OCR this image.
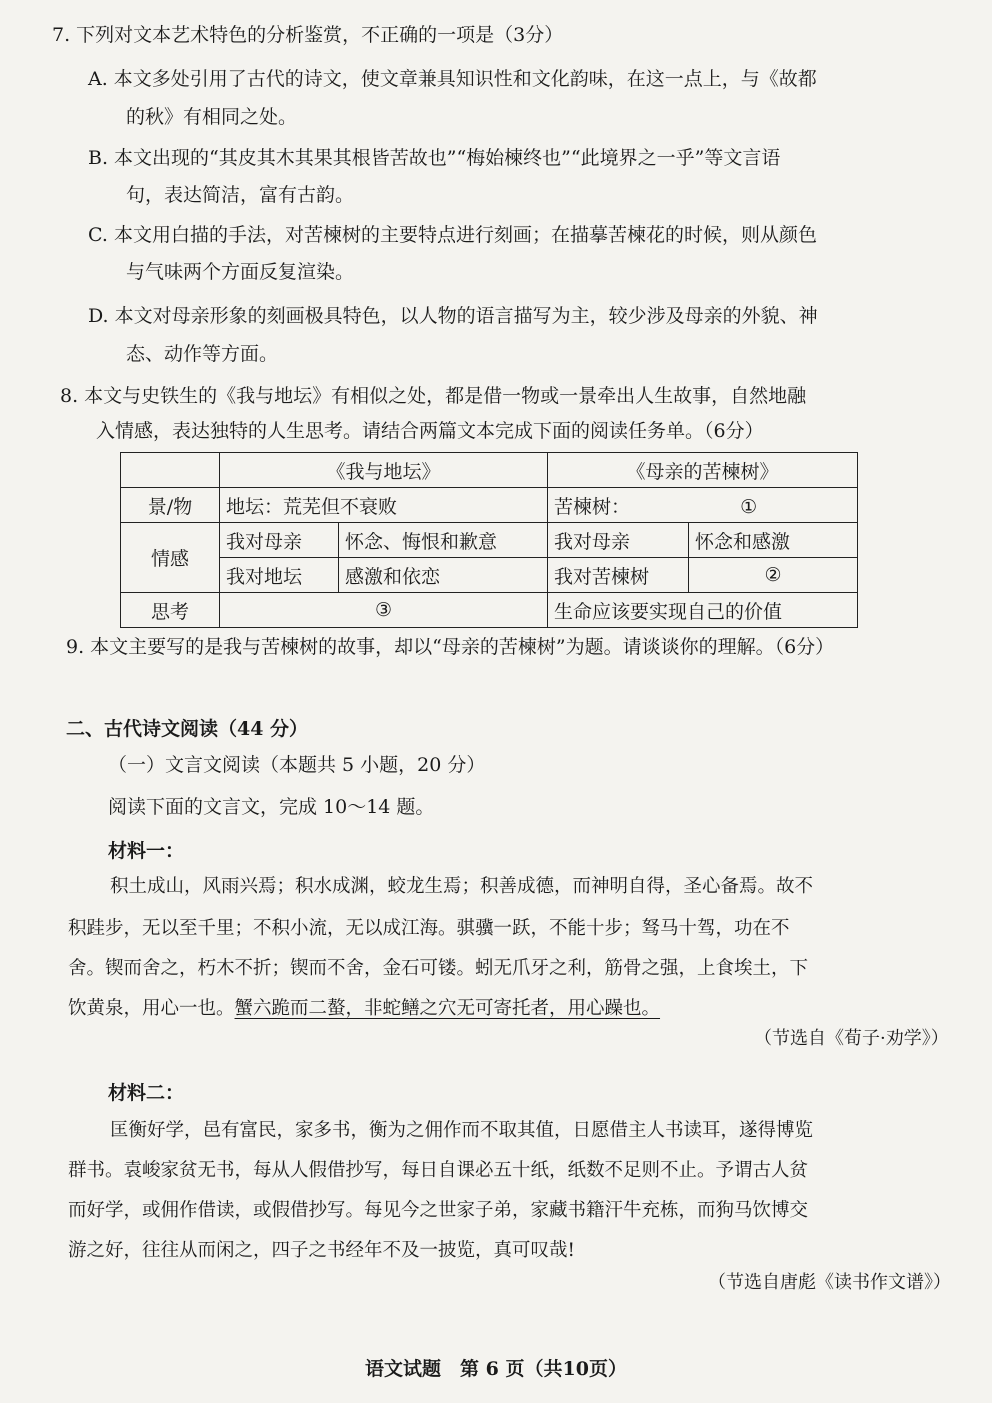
7. 下列对文本艺术特色的分析鉴赏，不正确的一项是（3分）
A. 本文多处引用了古代的诗文，使文章兼具知识性和文化韵味，在这一点上，与《故都
的秋》有相同之处。
B. 本文出现的“其皮其木其果其根皆苦故也”“梅始楝终也”“此境界之一乎”等文言语
句，表达简洁，富有古韵。
C. 本文用白描的手法，对苦楝树的主要特点进行刻画；在描摹苦楝花的时候，则从颜色
与气味两个方面反复渲染。
D. 本文对母亲形象的刻画极具特色，以人物的语言描写为主，较少涉及母亲的外貌、神
态、动作等方面。
8. 本文与史铁生的《我与地坛》有相似之处，都是借一物或一景牵出人生故事，自然地融
入情感，表达独特的人生思考。请结合两篇文本完成下面的阅读任务单。（6分）
	《我与地坛》		《母亲的苦楝树》	
景/物	地坛：荒芜但不衰败		苦楝树： ①	
情感	我对母亲	怀念、悔恨和歉意	我对母亲	怀念和感激
	我对地坛	感激和依恋	我对苦楝树	②
思考	③		生命应该要实现自己的价值	
9. 本文主要写的是我与苦楝树的故事，却以“母亲的苦楝树”为题。请谈谈你的理解。（6分）
二、古代诗文阅读（44 分）
（一）文言文阅读（本题共 5 小题，20 分）
阅读下面的文言文，完成 10～14 题。
材料一：
积土成山，风雨兴焉；积水成渊，蛟龙生焉；积善成德，而神明自得，圣心备焉。故不
积跬步，无以至千里；不积小流，无以成江海。骐骥一跃，不能十步；驽马十驾，功在不
舍。锲而舍之，朽木不折；锲而不舍，金石可镂。蚓无爪牙之利，筋骨之强，上食埃土，下
饮黄泉，用心一也。蟹六跪而二螯，非蛇鳝之穴无可寄托者，用心躁也。
（节选自《荀子·劝学》）
材料二：
匡衡好学，邑有富民，家多书，衡为之佣作而不取其值，日愿借主人书读耳，遂得博览
群书。袁峻家贫无书，每从人假借抄写，每日自课必五十纸，纸数不足则不止。予谓古人贫
而好学，或佣作借读，或假借抄写。每见今之世家子弟，家藏书籍汗牛充栋，而狗马饮博交
游之好，往往从而闲之，四子之书经年不及一披览，真可叹哉!
（节选自唐彪《读书作文谱》）
语文试题　第 6 页（共10页）
